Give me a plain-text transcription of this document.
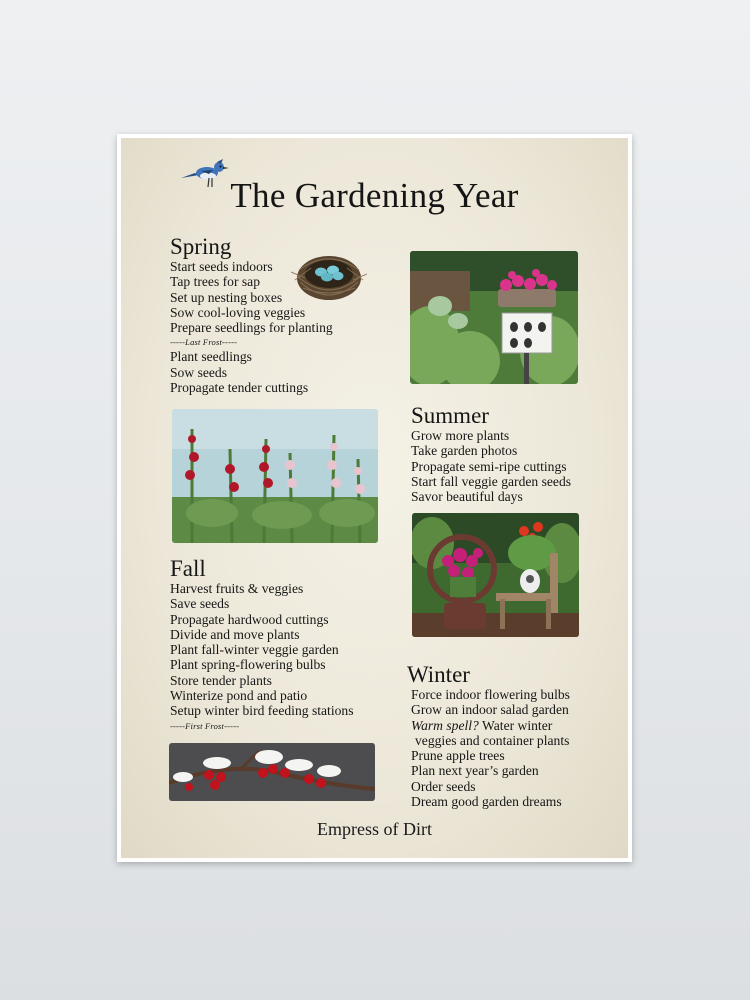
The Gardening Year
Spring
Start seeds indoors
Tap trees for sap
Set up nesting boxes
Sow cool-loving veggies
Prepare seedlings for planting
-----Last Frost-----
Plant seedlings
Sow seeds
Propagate tender cuttings
Summer
Grow more plants
Take garden photos
Propagate semi-ripe cuttings
Start fall veggie garden seeds
Savor beautiful days
Fall
Harvest fruits & veggies
Save seeds
Propagate hardwood cuttings
Divide and move plants
Plant fall-winter veggie garden
Plant spring-flowering bulbs
Store tender plants
Winterize pond and patio
Setup winter bird feeding stations
-----First Frost-----
Winter
Force indoor flowering bulbs
Grow an indoor salad garden
Warm spell? Water winter
veggies and container plants
Prune apple trees
Plan next year’s garden
Order seeds
Dream good garden dreams
Empress of Dirt
